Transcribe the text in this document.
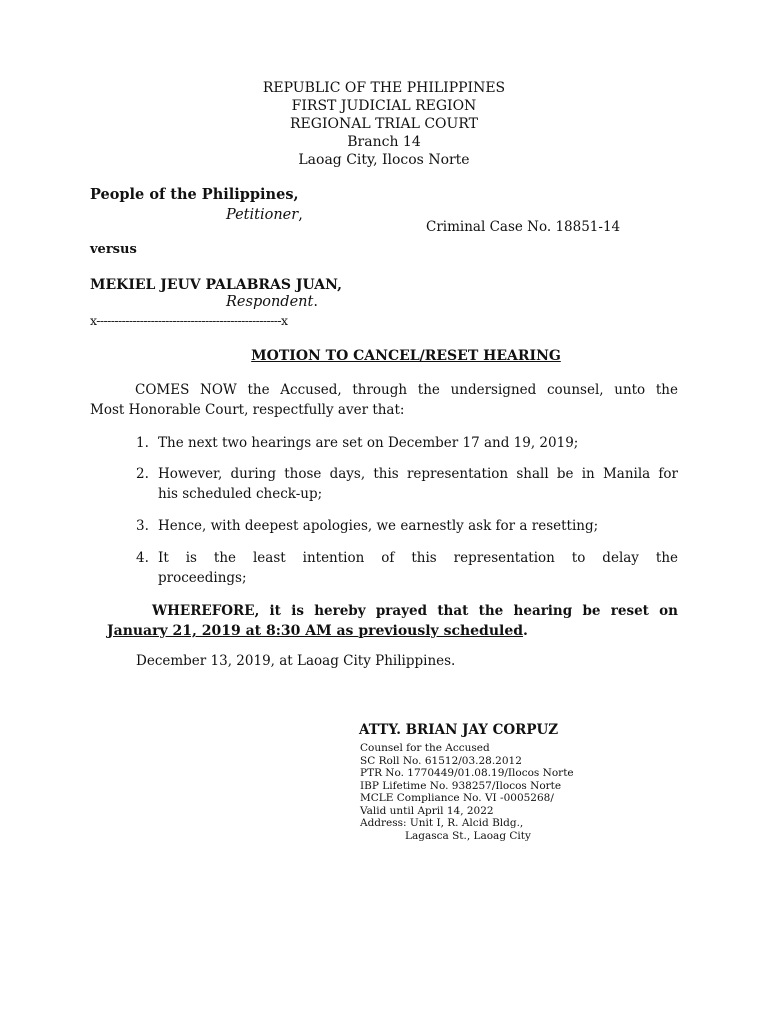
REPUBLIC OF THE PHILIPPINES
FIRST JUDICIAL REGION
REGIONAL TRIAL COURT
Branch 14
Laoag City, Ilocos Norte
People of the Philippines,
Petitioner,
Criminal Case No. 18851-14
versus
MEKIEL JEUV PALABRAS JUAN,
Respondent.
x---------------------------------------------------x
MOTION TO CANCEL/RESET HEARING
COMES NOW the Accused, through the undersigned counsel, unto the
Most Honorable Court, respectfully aver that:
1. The next two hearings are set on December 17 and 19, 2019;
2. However, during those days, this representation shall be in Manila for
his scheduled check-up;
3. Hence, with deepest apologies, we earnestly ask for a resetting;
4. It is the least intention of this representation to delay the
proceedings;
WHEREFORE, it is hereby prayed that the hearing be reset on
January 21, 2019 at 8:30 AM as previously scheduled.
December 13, 2019, at Laoag City Philippines.
ATTY. BRIAN JAY CORPUZ
Counsel for the Accused
SC Roll No. 61512/03.28.2012
PTR No. 1770449/01.08.19/Ilocos Norte
IBP Lifetime No. 938257/Ilocos Norte
MCLE Compliance No. VI -0005268/
Valid until April 14, 2022
Address: Unit I, R. Alcid Bldg.,
Lagasca St., Laoag City
